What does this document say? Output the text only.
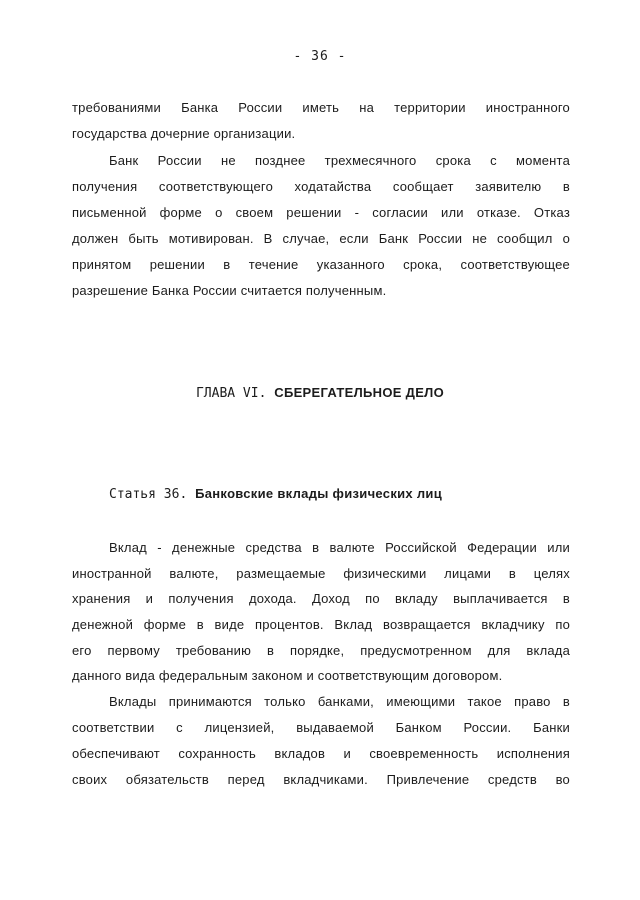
- 36 -
требованиями Банка России иметь на территории иностранного
государства дочерние организации.
Банк России не позднее трехмесячного срока с момента
получения соответствующего ходатайства сообщает заявителю в
письменной форме о своем решении - согласии или отказе. Отказ
должен быть мотивирован. В случае, если Банк России не сообщил о
принятом решении в течение указанного срока, соответствующее
разрешение Банка России считается полученным.
ГЛАВА VI. СБЕРЕГАТЕЛЬНОЕ ДЕЛО
Статья 36. Банковские вклады физических лиц
Вклад - денежные средства в валюте Российской Федерации или
иностранной валюте, размещаемые физическими лицами в целях
хранения и получения дохода. Доход по вкладу выплачивается в
денежной форме в виде процентов. Вклад возвращается вкладчику по
его первому требованию в порядке, предусмотренном для вклада
данного вида федеральным законом и соответствующим договором.
Вклады принимаются только банками, имеющими такое право в
соответствии с лицензией, выдаваемой Банком России. Банки
обеспечивают сохранность вкладов и своевременность исполнения
своих обязательств перед вкладчиками. Привлечение средств во
